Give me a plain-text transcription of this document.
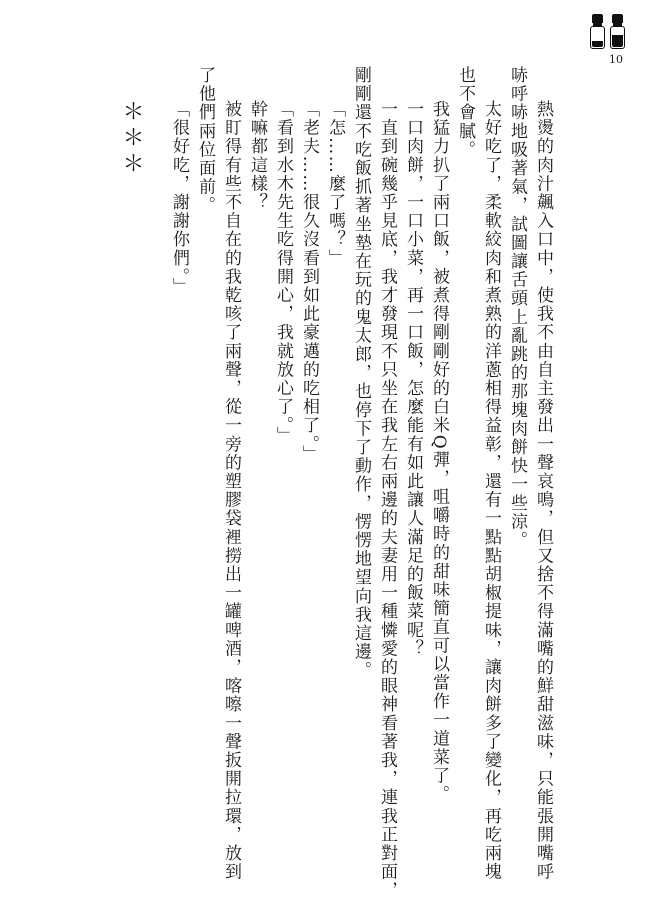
10
熱燙的肉汁飆入口中，使我不由自主發出一聲哀鳴，但又捨不得滿嘴的鮮甜滋味，只能張開嘴呼
哧呼哧地吸著氣，試圖讓舌頭上亂跳的那塊肉餅快一些涼。
太好吃了，柔軟絞肉和煮熟的洋蔥相得益彰，還有一點點胡椒提味，讓肉餅多了變化，再吃兩塊
也不會膩。
我猛力扒了兩口飯，被煮得剛剛好的白米Q彈，咀嚼時的甜味簡直可以當作一道菜了。
一口肉餅，一口小菜，再一口飯，怎麼能有如此讓人滿足的飯菜呢？
一直到碗幾乎見底，我才發現不只坐在我左右兩邊的夫妻用一種憐愛的眼神看著我，連我正對面，
剛剛還不吃飯抓著坐墊在玩的鬼太郎，也停下了動作，愣愣地望向我這邊。
「怎……麼了嗎？」
「老夫……很久沒看到如此豪邁的吃相了。」
「看到水木先生吃得開心，我就放心了。」
幹嘛都這樣？
被盯得有些不自在的我乾咳了兩聲，從一旁的塑膠袋裡撈出一罐啤酒，喀嚓一聲扳開拉環，放到
了他們兩位面前。
「很好吃，謝謝你們。」
＊＊＊
